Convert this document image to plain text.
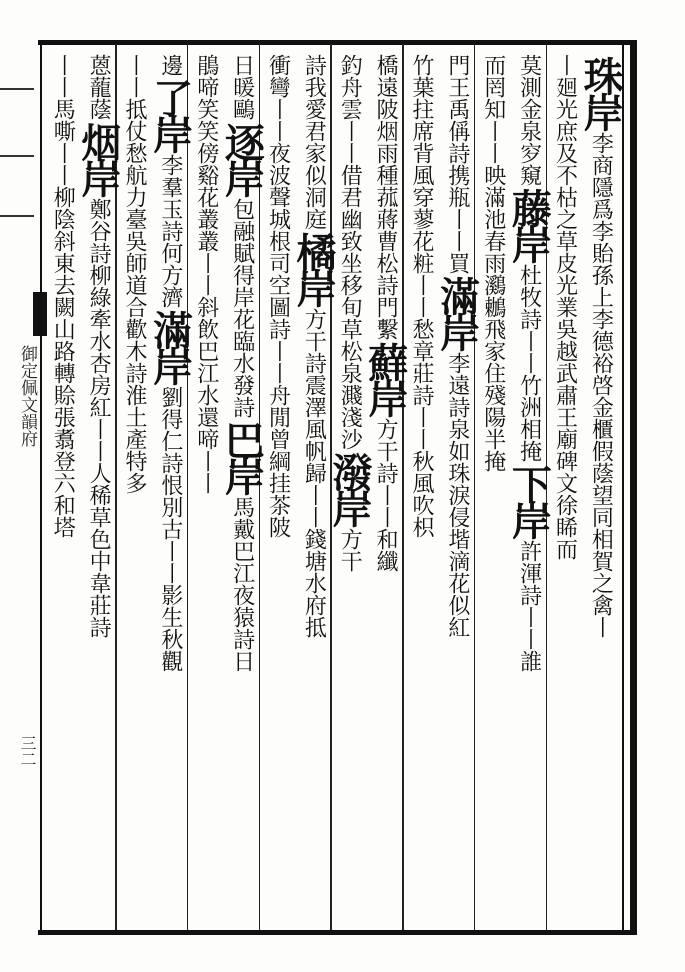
御定佩文韻府
三二
珠岸
李商隱爲李貽孫上李德裕啓金櫃假蔭望同相賀之禽丨
丨廻光庶及不枯之草皮光業吳越武肅王廟碑文徐睎而
莫測金泉穸窺
藤岸
杜牧詩丨丨竹洲相掩
下岸
許渾詩丨丨誰
而罔知丨丨
映滿池春雨鸂鶒飛
家住殘陽半掩
門王禹偁詩携瓶丨丨買
滿岸
李遠詩泉如珠淚侵堦滴花似紅
竹葉拄席背風穿蓼花
粧丨丨愁章莊詩丨丨秋風吹枳
橋遠陂烟雨種菰蔣曹松詩門繫
蘚岸
方干詩丨丨和纖
釣舟雲丨丨借君幽致坐移旬
草松泉濺淺沙
潑岸
方干
詩我愛君家似洞庭
橘岸
方干詩震澤風帆歸丨丨錢塘水府抵
衝彎丨丨夜波聲
城根司空圖詩丨丨舟閒曾綱挂茶陂
日暖鷗
逐岸
包融賦得岸花臨水發詩
巴岸
馬戴巴江夜猿詩日
鵑啼
笑笑傍谿花叢叢丨丨斜
飲巴江水還啼丨丨
邊
了岸
李羣玉詩何方濟
滿岸
劉得仁詩恨別古丨丨影生秋觀
丨丨抵仗愁航力
臺吳師道合歡木詩淮土產特多
蒽蘢蔭
烟岸
鄭谷詩柳綠牽水杏房紅丨丨人稀草色中韋莊詩
丨丨
馬嘶丨丨柳陰斜東去闕山路轉賒張翥登六和塔
